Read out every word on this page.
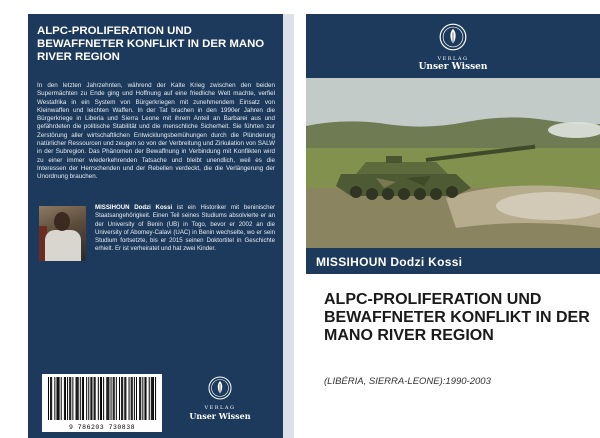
ALPC-PROLIFERATION UND BEWAFFNETER KONFLIKT IN DER MANO RIVER REGION

In den letzten Jahrzehnten, während der Kalte Krieg zwischen den beiden Supermächten zu Ende ging und Hoffnung auf eine friedliche Welt machte, verfiel Westafrika in ein System von Bürgerkriegen mit zunehmendem Einsatz von Kleinwaffen und leichten Waffen. In der Tat brachen in den 1990er Jahren die Bürgerkriege in Liberia und Sierra Leone mit ihrem Anteil an Barbarei aus und gefährdeten die politische Stabilität und die menschliche Sicherheit. Sie führten zur Zerstörung aller wirtschaftlichen Entwicklungsbemühungen durch die Plünderung natürlicher Ressourcen und zeugen so von der Verbreitung und Zirkulation von SALW in der Subregion. Das Phänomen der Bewaffnung in Verbindung mit Konflikten wird zu einer immer wiederkehrenden Tatsache und bleibt unendlich, weil es die Interessen der Herrschenden und der Rebellen verdeckt, die die Verlängerung der Unordnung brauchen.

MISSIHOUN Dodzi Kossi ist ein Historiker mit beninischer Staatsangehörigkeit. Einen Teil seines Studiums absolvierte er an der University of Benin (UB) in Togo, bevor er 2002 an die University of Abomey-Calavi (UAC) in Benin wechselte, wo er sein Studium fortsetzte, bis er 2015 seinen Doktortitel in Geschichte erhielt. Er ist verheiratet und hat zwei Kinder.

9 786203 730838
VERLAG
Unser Wissen
VERLAG
Unser Wissen
MISSIHOUN Dodzi Kossi
ALPC-PROLIFERATION UND BEWAFFNETER KONFLIKT IN DER MANO RIVER REGION
(LIBÉRIA, SIERRA-LEONE):1990-2003
